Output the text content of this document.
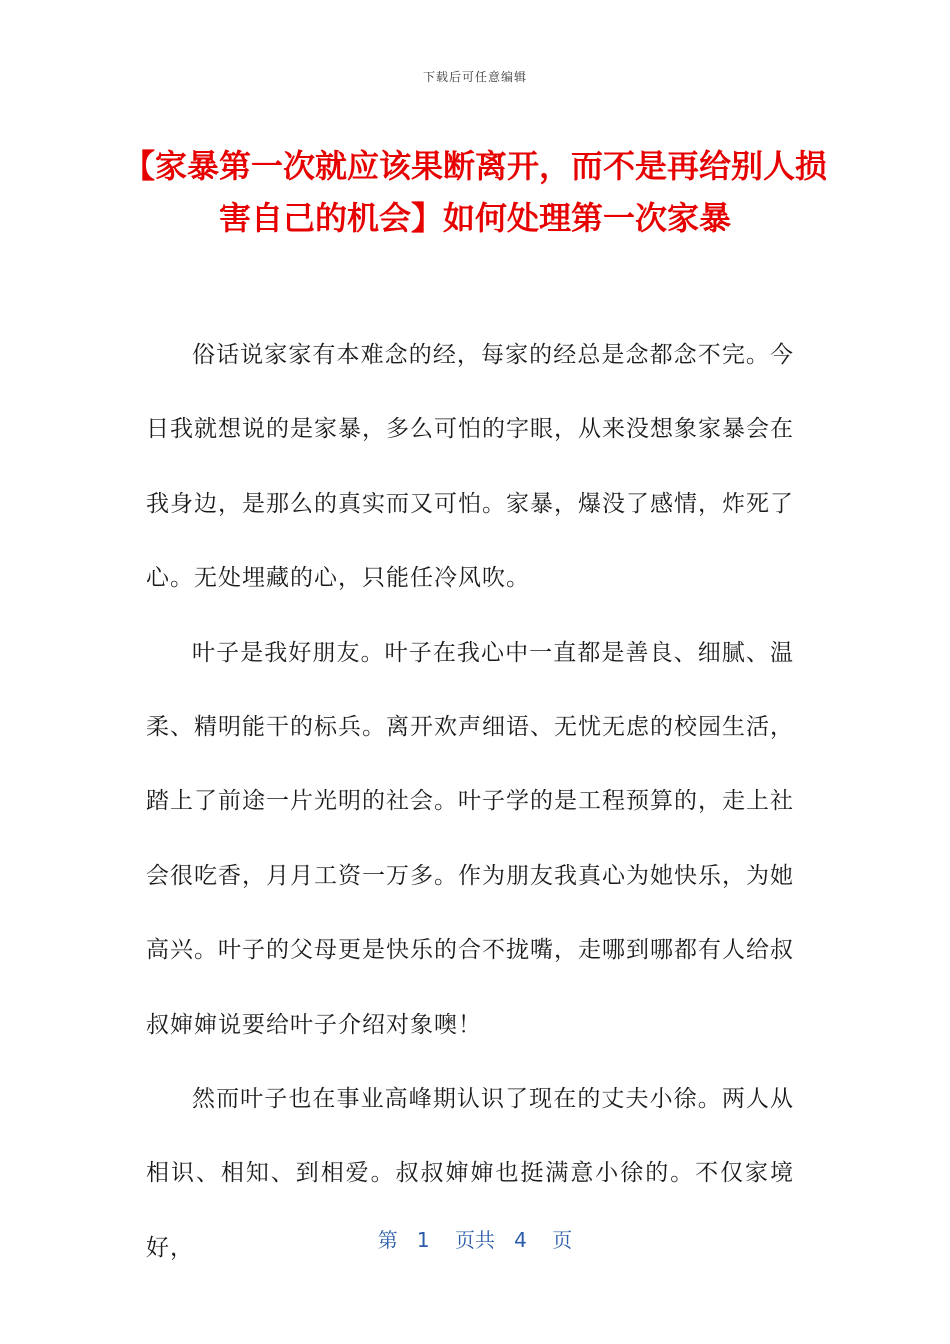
下载后可任意编辑
【家暴第一次就应该果断离开，而不是再给别人损害自己的机会】如何处理第一次家暴

俗话说家家有本难念的经，每家的经总是念都念不完。今日我就想说的是家暴，多么可怕的字眼，从来没想象家暴会在我身边，是那么的真实而又可怕。家暴，爆没了感情，炸死了心。无处埋藏的心，只能任冷风吹。

叶子是我好朋友。叶子在我心中一直都是善良、细腻、温柔、精明能干的标兵。离开欢声细语、无忧无虑的校园生活，踏上了前途一片光明的社会。叶子学的是工程预算的，走上社会很吃香，月月工资一万多。作为朋友我真心为她快乐，为她高兴。叶子的父母更是快乐的合不拢嘴，走哪到哪都有人给叔叔婶婶说要给叶子介绍对象噢！

然而叶子也在事业高峰期认识了现在的丈夫小徐。两人从相识、相知、到相爱。叔叔婶婶也挺满意小徐的。不仅家境好，	第 1 页共 4 页
